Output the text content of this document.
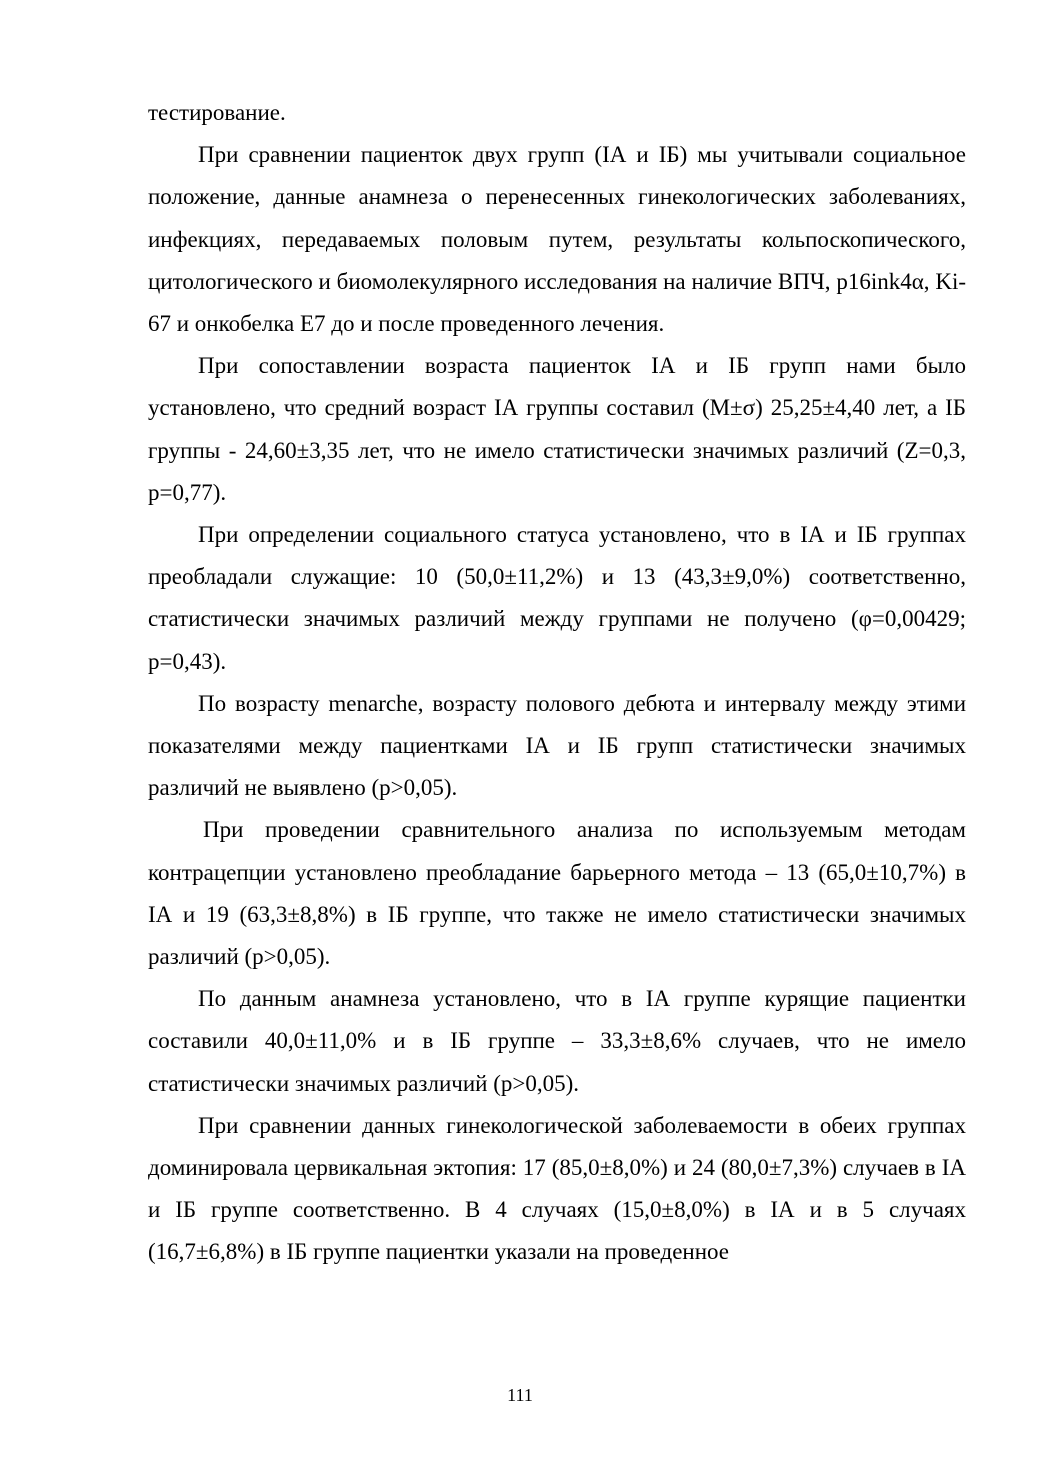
тестирование.

При сравнении пациенток двух групп (IА и IБ) мы учитывали социальное положение, данные анамнеза о перенесенных гинекологических заболеваниях, инфекциях, передаваемых половым путем, результаты кольпоскопического, цитологического и биомолекулярного исследования на наличие ВПЧ, p16ink4α, Ki-67 и онкобелка E7 до и после проведенного лечения.

При сопоставлении возраста пациенток IА и IБ групп нами было установлено, что средний возраст IА группы составил (M±σ) 25,25±4,40 лет, а IБ группы - 24,60±3,35 лет, что не имело статистически значимых различий (Z=0,3, p=0,77).

При определении социального статуса установлено, что в IА и IБ группах преобладали служащие: 10 (50,0±11,2%) и 13 (43,3±9,0%) соответственно, статистически значимых различий между группами не получено (φ=0,00429; p=0,43).

По возрасту menarche, возрасту полового дебюта и интервалу между этими показателями между пациентками IА и IБ групп статистически значимых различий не выявлено (p>0,05).

При проведении сравнительного анализа по используемым методам контрацепции установлено преобладание барьерного метода – 13 (65,0±10,7%) в IА и 19 (63,3±8,8%) в IБ группе, что также не имело статистически значимых различий (p>0,05).

По данным анамнеза установлено, что в IА группе курящие пациентки составили 40,0±11,0% и в IБ группе – 33,3±8,6% случаев, что не имело статистически значимых различий (p>0,05).

При сравнении данных гинекологической заболеваемости в обеих группах доминировала цервикальная эктопия: 17 (85,0±8,0%) и 24 (80,0±7,3%) случаев в IА и IБ группе соответственно. В 4 случаях (15,0±8,0%) в IА и в 5 случаях (16,7±6,8%) в IБ группе пациентки указали на проведенное

111
